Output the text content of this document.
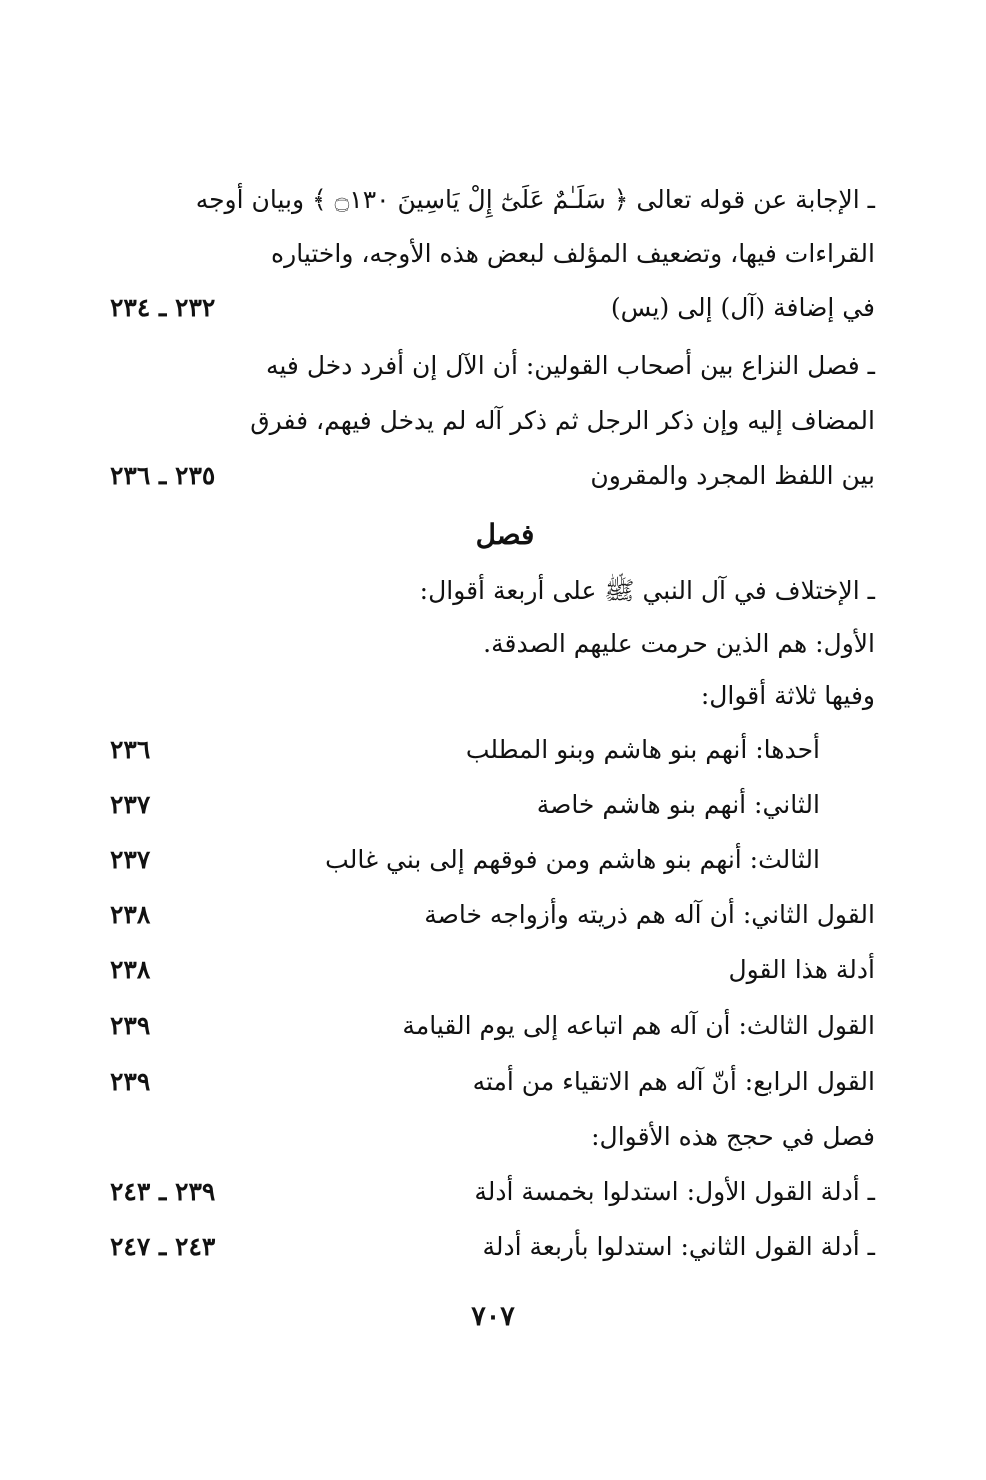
ـ الإجابة عن قوله تعالى ﴿ سَلَـٰمٌ عَلَىٰٓ إِلْ يَاسِينَ ۝١٣٠ ﴾ وبيان أوجه
القراءات فيها، وتضعيف المؤلف لبعض هذه الأوجه، واختياره
في إضافة (آل) إلى (يس)
٢٣٢ ـ ٢٣٤
ـ فصل النزاع بين أصحاب القولين: أن الآل إن أفرد دخل فيه
المضاف إليه وإن ذكر الرجل ثم ذكر آله لم يدخل فيهم، ففرق
بين اللفظ المجرد والمقرون
٢٣٥ ـ ٢٣٦
فصل
ـ الإختلاف في آل النبي ﷺ على أربعة أقوال:
الأول: هم الذين حرمت عليهم الصدقة.
وفيها ثلاثة أقوال:
أحدها: أنهم بنو هاشم وبنو المطلب
٢٣٦
الثاني: أنهم بنو هاشم خاصة
٢٣٧
الثالث: أنهم بنو هاشم ومن فوقهم إلى بني غالب
٢٣٧
القول الثاني: أن آله هم ذريته وأزواجه خاصة
٢٣٨
أدلة هذا القول
٢٣٨
القول الثالث: أن آله هم اتباعه إلى يوم القيامة
٢٣٩
القول الرابع: أنّ آله هم الاتقياء من أمته
٢٣٩
فصل في حجج هذه الأقوال:
ـ أدلة القول الأول: استدلوا بخمسة أدلة
٢٣٩ ـ ٢٤٣
ـ أدلة القول الثاني: استدلوا بأربعة أدلة
٢٤٣ ـ ٢٤٧
٧٠٧
